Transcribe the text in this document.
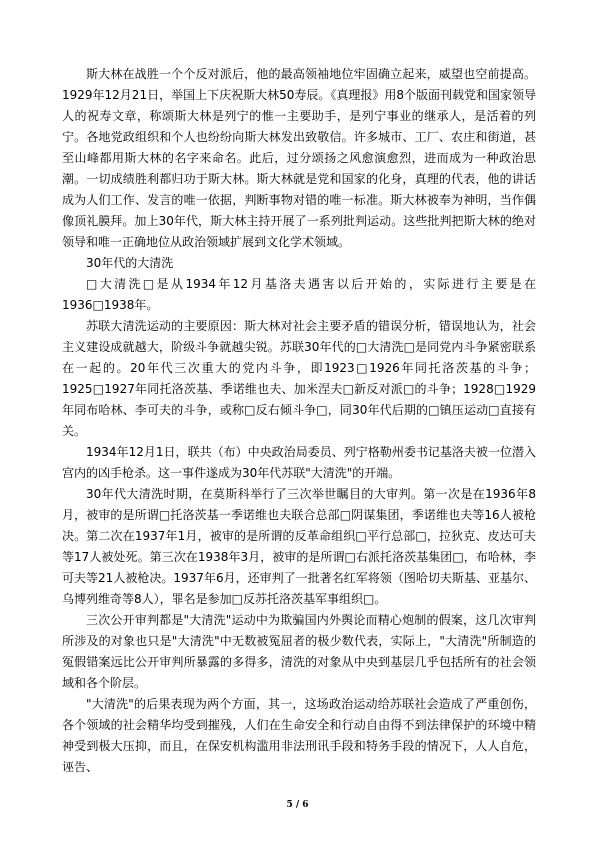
斯大林在战胜一个个反对派后，他的最高领袖地位牢固确立起来，威望也空前提高。1929年12月21日，举国上下庆祝斯大林50寿辰。《真理报》用8个版面刊载党和国家领导人的祝寿文章，称颂斯大林是列宁的惟一主要助手，是列宁事业的继承人，是活着的列宁。各地党政组织和个人也纷纷向斯大林发出致敬信。许多城市、工厂、农庄和街道，甚至山峰都用斯大林的名字来命名。此后，过分颂扬之风愈演愈烈，进而成为一种政治思潮。一切成绩胜利都归功于斯大林。斯大林就是党和国家的化身，真理的代表，他的讲话成为人们工作、发言的唯一依据，判断事物对错的唯一标准。斯大林被奉为神明，当作偶像顶礼膜拜。加上30年代，斯大林主持开展了一系列批判运动。这些批判把斯大林的绝对领导和唯一正确地位从政治领域扩展到文化学术领域。

30年代的大清洗

□大清洗□是从1934年12月基洛夫遇害以后开始的，实际进行主要是在1936□1938年。

苏联大清洗运动的主要原因：斯大林对社会主要矛盾的错误分析，错误地认为，社会主义建设成就越大，阶级斗争就越尖锐。苏联30年代的□大清洗□是同党内斗争紧密联系在一起的。20年代三次重大的党内斗争，即1923□1926年同托洛茨基的斗争；1925□1927年同托洛茨基、季诺维也夫、加米涅夫□新反对派□的斗争；1928□1929年同布哈林、李可夫的斗争，或称□反右倾斗争□，同30年代后期的□镇压运动□直接有关。

1934年12月1日，联共（布）中央政治局委员、列宁格勒州委书记基洛夫被一位潜入宫内的凶手枪杀。这一事件遂成为30年代苏联"大清洗"的开端。

30年代大清洗时期，在莫斯科举行了三次举世瞩目的大审判。第一次是在1936年8月，被审的是所谓□托洛茨基一季诺维也夫联合总部□阴谋集团，季诺维也夫等16人被枪决。第二次在1937年1月，被审的是所谓的反革命组织□平行总部□，拉狄克、皮达可夫等17人被处死。第三次在1938年3月，被审的是所谓□右派托洛茨基集团□，布哈林，李可夫等21人被枪决。1937年6月，还审判了一批著名红军将领（图哈切夫斯基、亚基尔、乌博列维奇等8人），罪名是参加□反苏托洛茨基军事组织□。

三次公开审判都是"大清洗"运动中为欺骗国内外舆论而精心炮制的假案，这几次审判所涉及的对象也只是"大清洗"中无数被冤屈者的极少数代表，实际上，"大清洗"所制造的冤假错案远比公开审判所暴露的多得多，清洗的对象从中央到基层几乎包括所有的社会领域和各个阶层。

"大清洗"的后果表现为两个方面，其一，这场政治运动给苏联社会造成了严重创伤，各个领域的社会精华均受到摧残，人们在生命安全和行动自由得不到法律保护的环境中精神受到极大压抑，而且，在保安机构滥用非法刑讯手段和特务手段的情况下，人人自危，诬告、

5 / 6
